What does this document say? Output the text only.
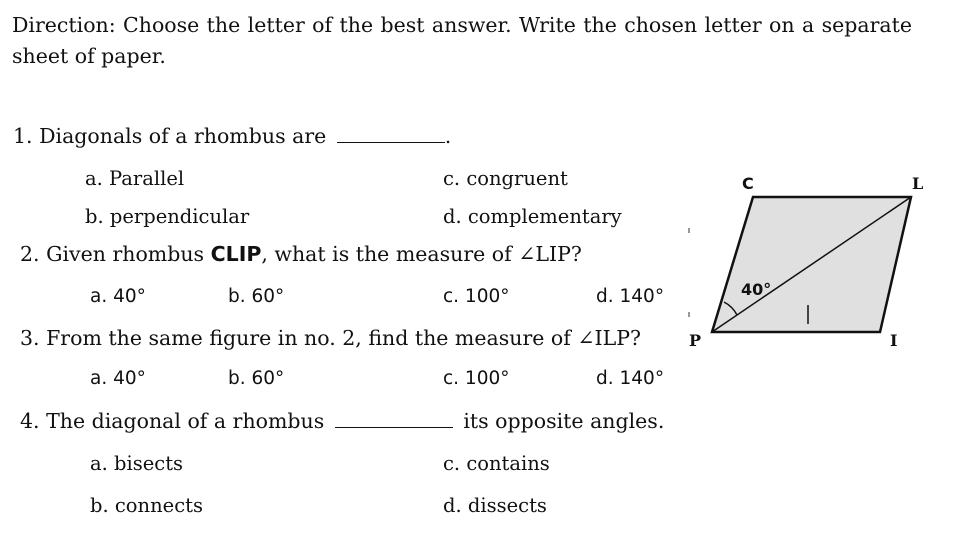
Direction: Choose the letter of the best answer. Write the chosen letter on a separate sheet of paper.
1. Diagonals of a rhombus are	.
a. Parallel	c. congruent
b. perpendicular	d. complementary
2. Given rhombus CLIP, what is the measure of ∠LIP?
a. 40°	b. 60°	c. 100°	d. 140°
3. From the same figure in no. 2, find the measure of ∠ILP?
a. 40°	b. 60°	c. 100°	d. 140°
4. The diagonal of a rhombus	its opposite angles.
a. bisects	c. contains
b. connects	d. dissects
C	L
I
P
40°
